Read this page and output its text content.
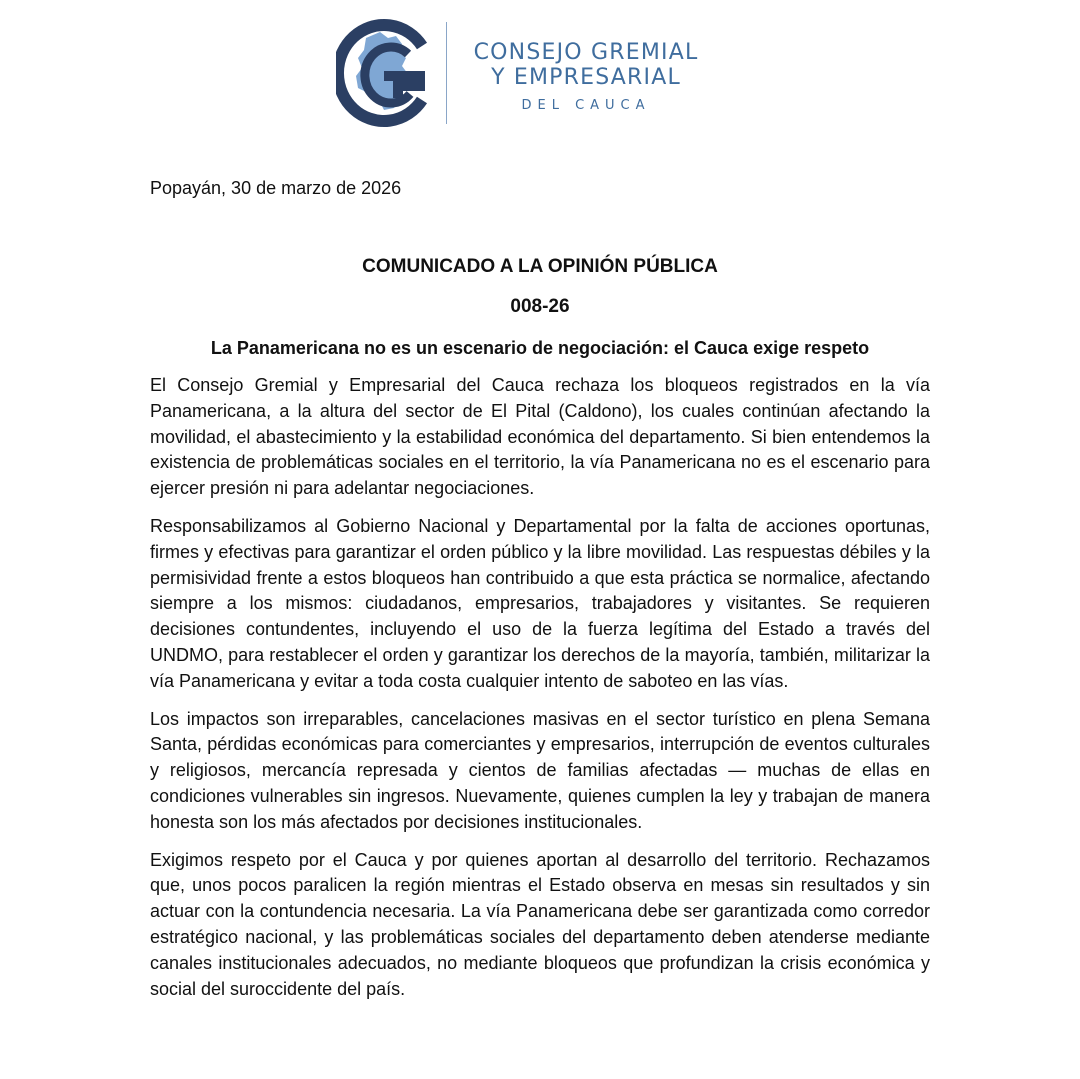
CONSEJO GREMIAL
Y EMPRESARIAL
DEL CAUCA
Popayán, 30 de marzo de 2026
COMUNICADO A LA OPINIÓN PÚBLICA
008-26
La Panamericana no es un escenario de negociación: el Cauca exige respeto

El Consejo Gremial y Empresarial del Cauca rechaza los bloqueos registrados en la vía Panamericana, a la altura del sector de El Pital (Caldono), los cuales continúan afectando la movilidad, el abastecimiento y la estabilidad económica del departamento. Si bien entendemos la existencia de problemáticas sociales en el territorio, la vía Panamericana no es el escenario para ejercer presión ni para adelantar negociaciones.

Responsabilizamos al Gobierno Nacional y Departamental por la falta de acciones oportunas, firmes y efectivas para garantizar el orden público y la libre movilidad. Las respuestas débiles y la permisividad frente a estos bloqueos han contribuido a que esta práctica se normalice, afectando siempre a los mismos: ciudadanos, empresarios, trabajadores y visitantes. Se requieren decisiones contundentes, incluyendo el uso de la fuerza legítima del Estado a través del UNDMO, para restablecer el orden y garantizar los derechos de la mayoría, también, militarizar la vía Panamericana y evitar a toda costa cualquier intento de saboteo en las vías.

Los impactos son irreparables, cancelaciones masivas en el sector turístico en plena Semana Santa, pérdidas económicas para comerciantes y empresarios, interrupción de eventos culturales y religiosos, mercancía represada y cientos de familias afectadas — muchas de ellas en condiciones vulnerables sin ingresos. Nuevamente, quienes cumplen la ley y trabajan de manera honesta son los más afectados por decisiones institucionales.

Exigimos respeto por el Cauca y por quienes aportan al desarrollo del territorio. Rechazamos que, unos pocos paralicen la región mientras el Estado observa en mesas sin resultados y sin actuar con la contundencia necesaria. La vía Panamericana debe ser garantizada como corredor estratégico nacional, y las problemáticas sociales del departamento deben atenderse mediante canales institucionales adecuados, no mediante bloqueos que profundizan la crisis económica y social del suroccidente del país.
